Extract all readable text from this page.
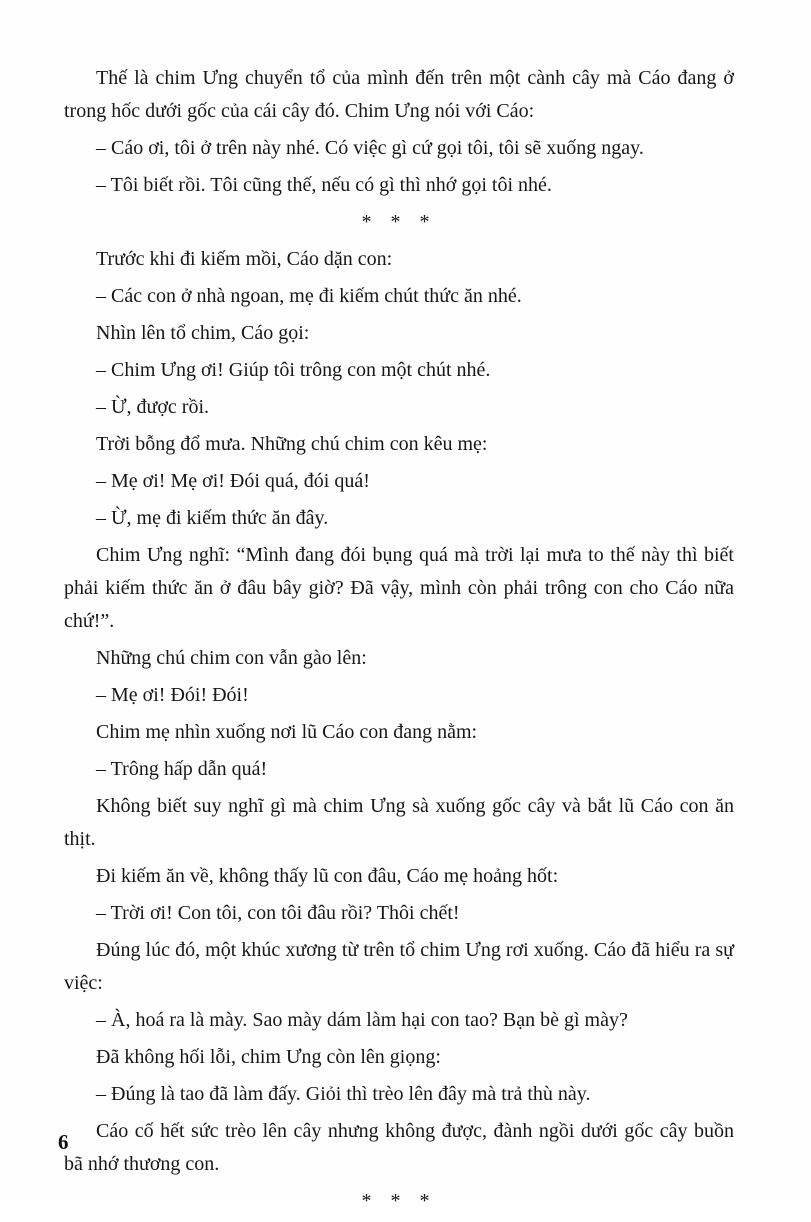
Thế là chim Ưng chuyển tổ của mình đến trên một cành cây mà Cáo đang ở trong hốc dưới gốc của cái cây đó. Chim Ưng nói với Cáo:

– Cáo ơi, tôi ở trên này nhé. Có việc gì cứ gọi tôi, tôi sẽ xuống ngay.

– Tôi biết rồi. Tôi cũng thế, nếu có gì thì nhớ gọi tôi nhé.

* * *

Trước khi đi kiếm mồi, Cáo dặn con:

– Các con ở nhà ngoan, mẹ đi kiếm chút thức ăn nhé.

Nhìn lên tổ chim, Cáo gọi:

– Chim Ưng ơi! Giúp tôi trông con một chút nhé.

– Ừ, được rồi.

Trời bỗng đổ mưa. Những chú chim con kêu mẹ:

– Mẹ ơi! Mẹ ơi! Đói quá, đói quá!

– Ừ, mẹ đi kiếm thức ăn đây.

Chim Ưng nghĩ: “Mình đang đói bụng quá mà trời lại mưa to thế này thì biết phải kiếm thức ăn ở đâu bây giờ? Đã vậy, mình còn phải trông con cho Cáo nữa chứ!”.

Những chú chim con vẫn gào lên:

– Mẹ ơi! Đói! Đói!

Chim mẹ nhìn xuống nơi lũ Cáo con đang nằm:

– Trông hấp dẫn quá!

Không biết suy nghĩ gì mà chim Ưng sà xuống gốc cây và bắt lũ Cáo con ăn thịt.

Đi kiếm ăn về, không thấy lũ con đâu, Cáo mẹ hoảng hốt:

– Trời ơi! Con tôi, con tôi đâu rồi? Thôi chết!

Đúng lúc đó, một khúc xương từ trên tổ chim Ưng rơi xuống. Cáo đã hiểu ra sự việc:

– À, hoá ra là mày. Sao mày dám làm hại con tao? Bạn bè gì mày?

Đã không hối lỗi, chim Ưng còn lên giọng:

– Đúng là tao đã làm đấy. Giỏi thì trèo lên đây mà trả thù này.

Cáo cố hết sức trèo lên cây nhưng không được, đành ngồi dưới gốc cây buồn bã nhớ thương con.

* * *

6
